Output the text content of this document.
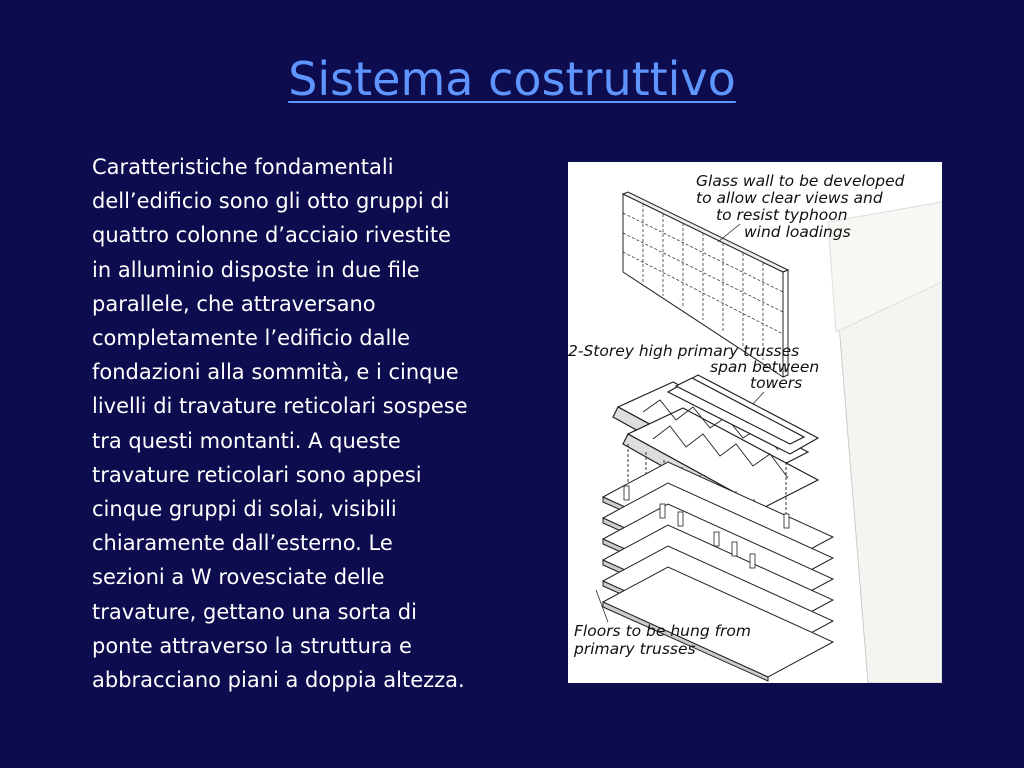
Sistema costruttivo
Caratteristiche fondamentali
dell’edificio sono gli otto gruppi di
quattro colonne d’acciaio rivestite
in alluminio disposte in due file
parallele, che attraversano
completamente l’edificio dalle
fondazioni alla sommità, e i cinque
livelli di travature reticolari sospese
tra questi montanti. A queste
travature reticolari sono appesi
cinque gruppi di solai, visibili
chiaramente dall’esterno. Le
sezioni a W rovesciate delle
travature, gettano una sorta di
ponte attraverso la struttura e
abbracciano piani a doppia altezza.
Glass wall to be developed
to allow clear views and
to resist typhoon
wind loadings
2-Storey high primary trusses
span between
towers
Floors to be hung from
primary trusses
